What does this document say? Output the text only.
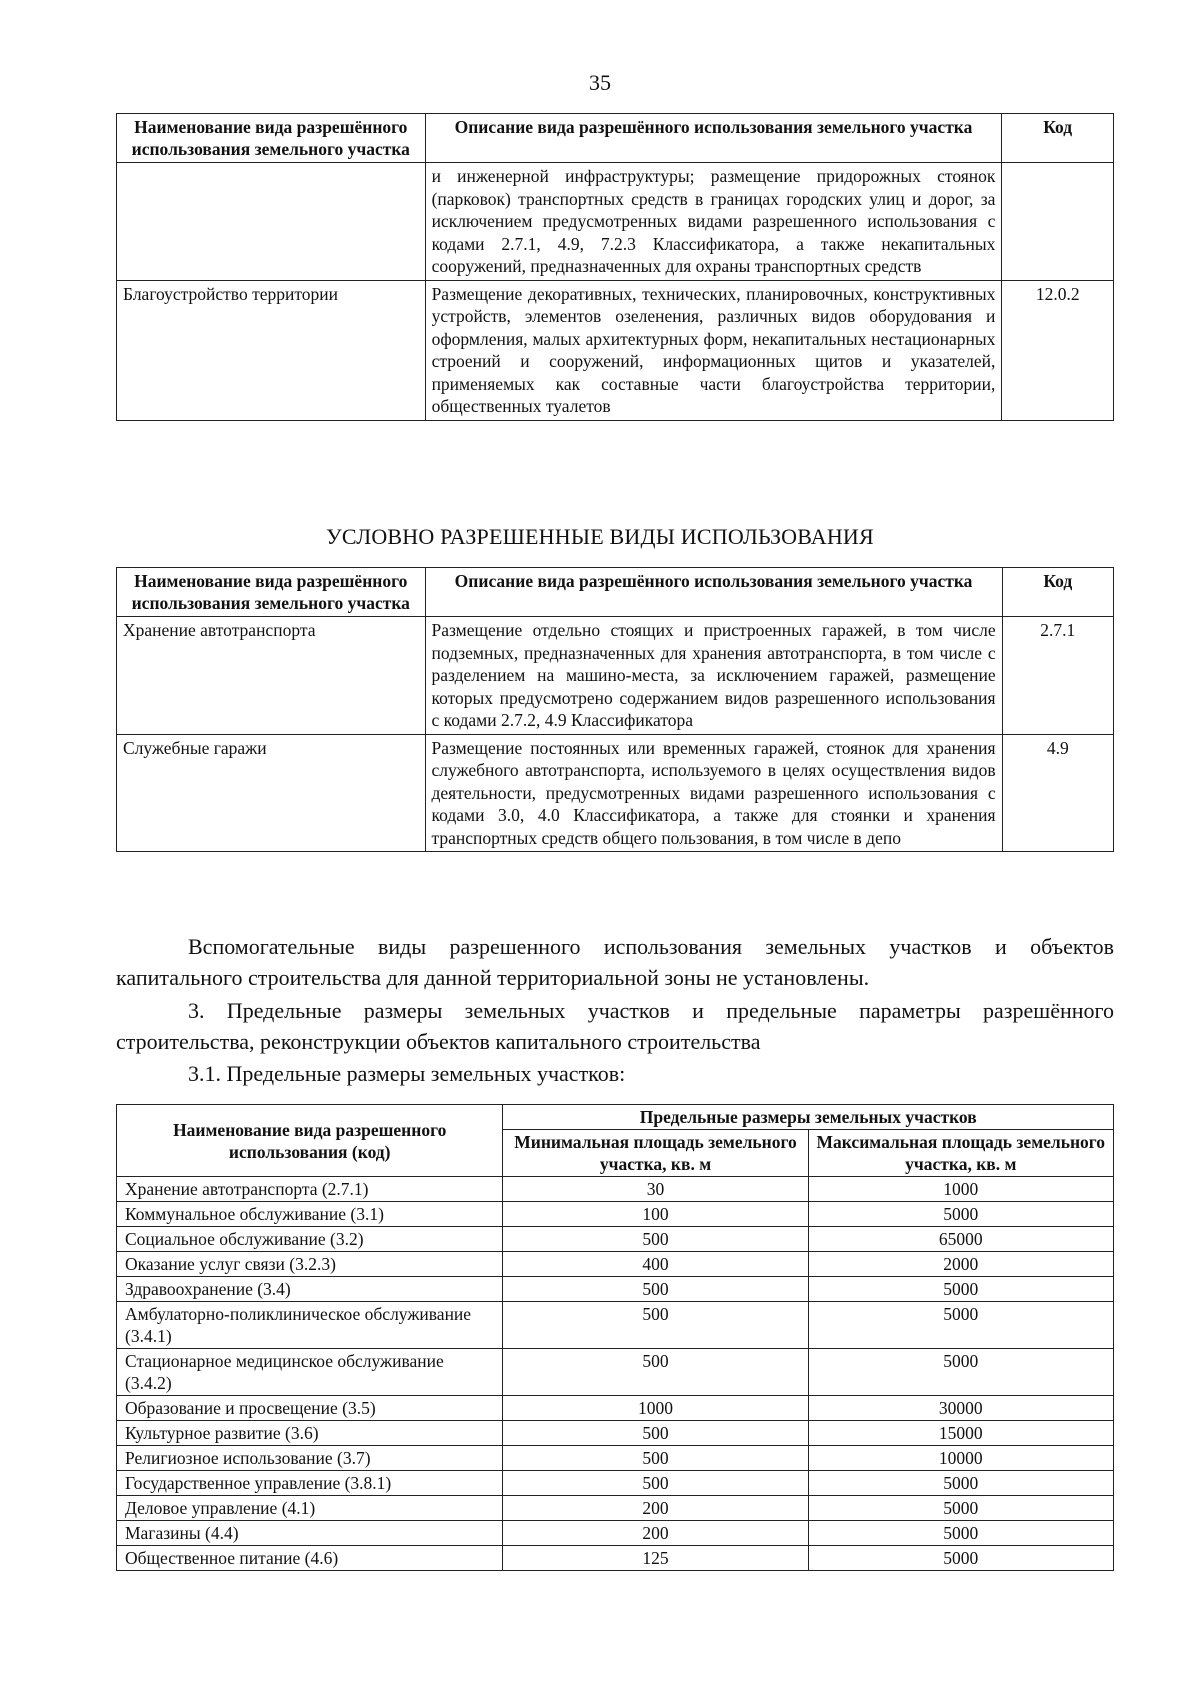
35
Наименование вида разрешённого использования земельного участка	Описание вида разрешённого использования земельного участка	Код
	и инженерной инфраструктуры; размещение придорожных стоянок (парковок) транспортных средств в границах городских улиц и дорог, за исключением предусмотренных видами разрешенного использования с кодами 2.7.1, 4.9, 7.2.3 Классификатора, а также некапитальных сооружений, предназначенных для охраны транспортных средств	
Благоустройство территории	Размещение декоративных, технических, планировочных, конструктивных устройств, элементов озеленения, различных видов оборудования и оформления, малых архитектурных форм, некапитальных нестационарных строений и сооружений, информационных щитов и указателей, применяемых как составные части благоустройства территории, общественных туалетов	12.0.2
УСЛОВНО РАЗРЕШЕННЫЕ ВИДЫ ИСПОЛЬЗОВАНИЯ
Наименование вида разрешённого использования земельного участка	Описание вида разрешённого использования земельного участка	Код
Хранение автотранспорта	Размещение отдельно стоящих и пристроенных гаражей, в том числе подземных, предназначенных для хранения автотранспорта, в том числе с разделением на машино-места, за исключением гаражей, размещение которых предусмотрено содержанием видов разрешенного использования с кодами 2.7.2, 4.9 Классификатора	2.7.1
Служебные гаражи	Размещение постоянных или временных гаражей, стоянок для хранения служебного автотранспорта, используемого в целях осуществления видов деятельности, предусмотренных видами разрешенного использования с кодами 3.0, 4.0 Классификатора, а также для стоянки и хранения транспортных средств общего пользования, в том числе в депо	4.9

Вспомогательные виды разрешенного использования земельных участков и объектов капитального строительства для данной территориальной зоны не установлены.

3. Предельные размеры земельных участков и предельные параметры разрешённого строительства, реконструкции объектов капитального строительства

3.1. Предельные размеры земельных участков:

Наименование вида разрешенного использования (код)	Предельные размеры земельных участков	
	Минимальная площадь земельного участка, кв. м	Максимальная площадь земельного участка, кв. м
Хранение автотранспорта (2.7.1)	30	1000
Коммунальное обслуживание (3.1)	100	5000
Социальное обслуживание (3.2)	500	65000
Оказание услуг связи (3.2.3)	400	2000
Здравоохранение (3.4)	500	5000
Амбулаторно-поликлиническое обслуживание (3.4.1)	500	5000
Стационарное медицинское обслуживание (3.4.2)	500	5000
Образование и просвещение (3.5)	1000	30000
Культурное развитие (3.6)	500	15000
Религиозное использование (3.7)	500	10000
Государственное управление (3.8.1)	500	5000
Деловое управление (4.1)	200	5000
Магазины (4.4)	200	5000
Общественное питание (4.6)	125	5000
